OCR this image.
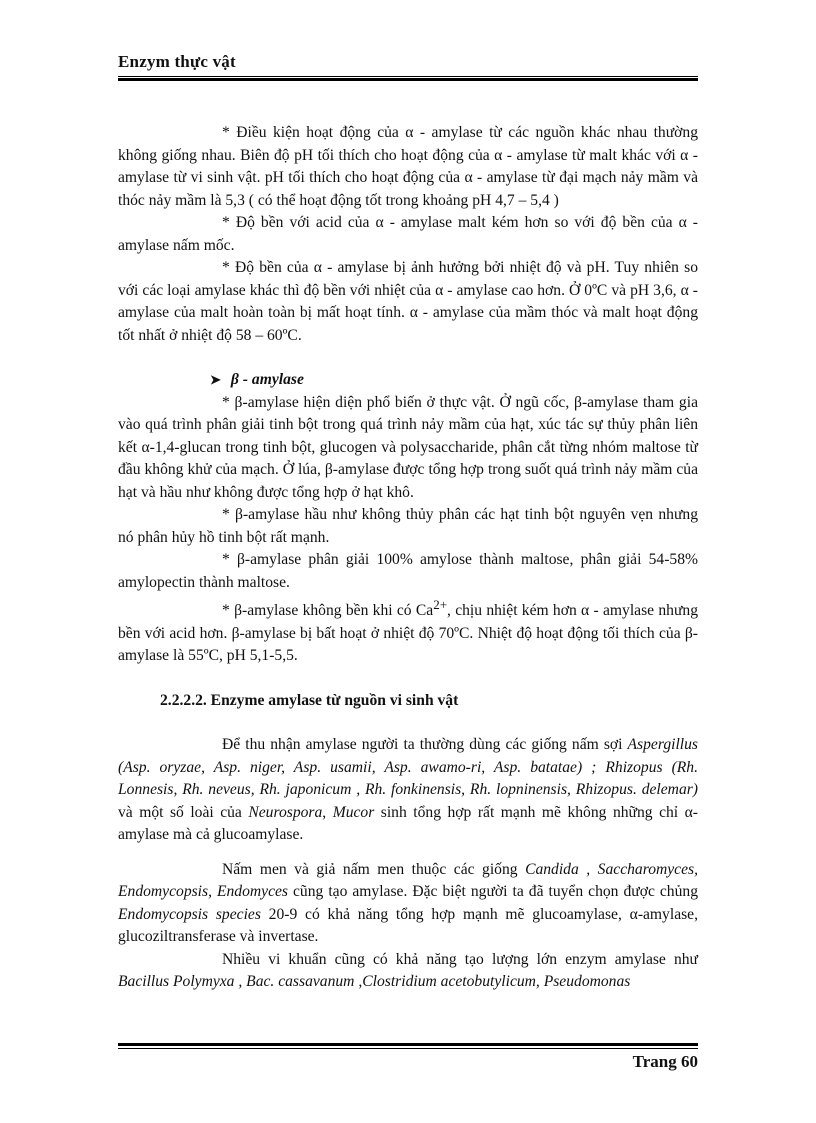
Enzym thực vật

* Điều kiện hoạt động của α - amylase từ các nguồn khác nhau thường không giống nhau. Biên độ pH tối thích cho hoạt động của α - amylase từ malt khác với α - amylase từ vi sinh vật. pH tối thích cho hoạt động của α - amylase từ đại mạch nảy mầm và thóc nảy mầm là 5,3 ( có thể hoạt động tốt trong khoảng pH 4,7 – 5,4 )

* Độ bền với acid của α - amylase malt kém hơn so với độ bền của α - amylase nấm mốc.

* Độ bền của α - amylase bị ảnh hưởng bởi nhiệt độ và pH. Tuy nhiên so với các loại amylase khác thì độ bền với nhiệt của α - amylase cao hơn. Ở 0ºC và pH 3,6, α - amylase của malt hoàn toàn bị mất hoạt tính. α - amylase của mầm thóc và malt hoạt động tốt nhất ở nhiệt độ 58 – 60ºC.

➤ β - amylase

* β-amylase hiện diện phổ biến ở thực vật. Ở ngũ cốc, β-amylase tham gia vào quá trình phân giải tinh bột trong quá trình nảy mầm của hạt, xúc tác sự thủy phân liên kết α-1,4-glucan trong tinh bột, glucogen và polysaccharide, phân cắt từng nhóm maltose từ đầu không khử của mạch. Ở lúa, β-amylase được tổng hợp trong suốt quá trình nảy mầm của hạt và hầu như không được tổng hợp ở hạt khô.

* β-amylase hầu như không thủy phân các hạt tinh bột nguyên vẹn nhưng nó phân hủy hồ tinh bột rất mạnh.

* β-amylase phân giải 100% amylose thành maltose, phân giải 54-58% amylopectin thành maltose.

* β-amylase không bền khi có $Ca^{2+}$, chịu nhiệt kém hơn α - amylase nhưng bền với acid hơn. β-amylase bị bất hoạt ở nhiệt độ 70ºC. Nhiệt độ hoạt động tối thích của β-amylase là 55ºC, pH 5,1-5,5.

2.2.2.2. Enzyme amylase từ nguồn vi sinh vật

Để thu nhận amylase người ta thường dùng các giống nấm sợi Aspergillus (Asp. oryzae, Asp. niger, Asp. usamii, Asp. awamo-ri, Asp. batatae) ; Rhizopus (Rh. Lonnesis, Rh. neveus, Rh. japonicum , Rh. fonkinensis, Rh. lopninensis, Rhizopus. delemar) và một số loài của Neurospora, Mucor sinh tổng hợp rất mạnh mẽ không những chỉ α-amylase mà cả glucoamylase.

Nấm men và giả nấm men thuộc các giống Candida , Saccharomyces, Endomycopsis, Endomyces cũng tạo amylase. Đặc biệt người ta đã tuyển chọn được chủng Endomycopsis species 20-9 có khả năng tổng hợp mạnh mẽ glucoamylase, α-amylase, glucoziltransferase và invertase.

Nhiều vi khuẩn cũng có khả năng tạo lượng lớn enzym amylase như Bacillus Polymyxa , Bac. cassavanum ,Clostridium acetobutylicum, Pseudomonas

Trang 60
